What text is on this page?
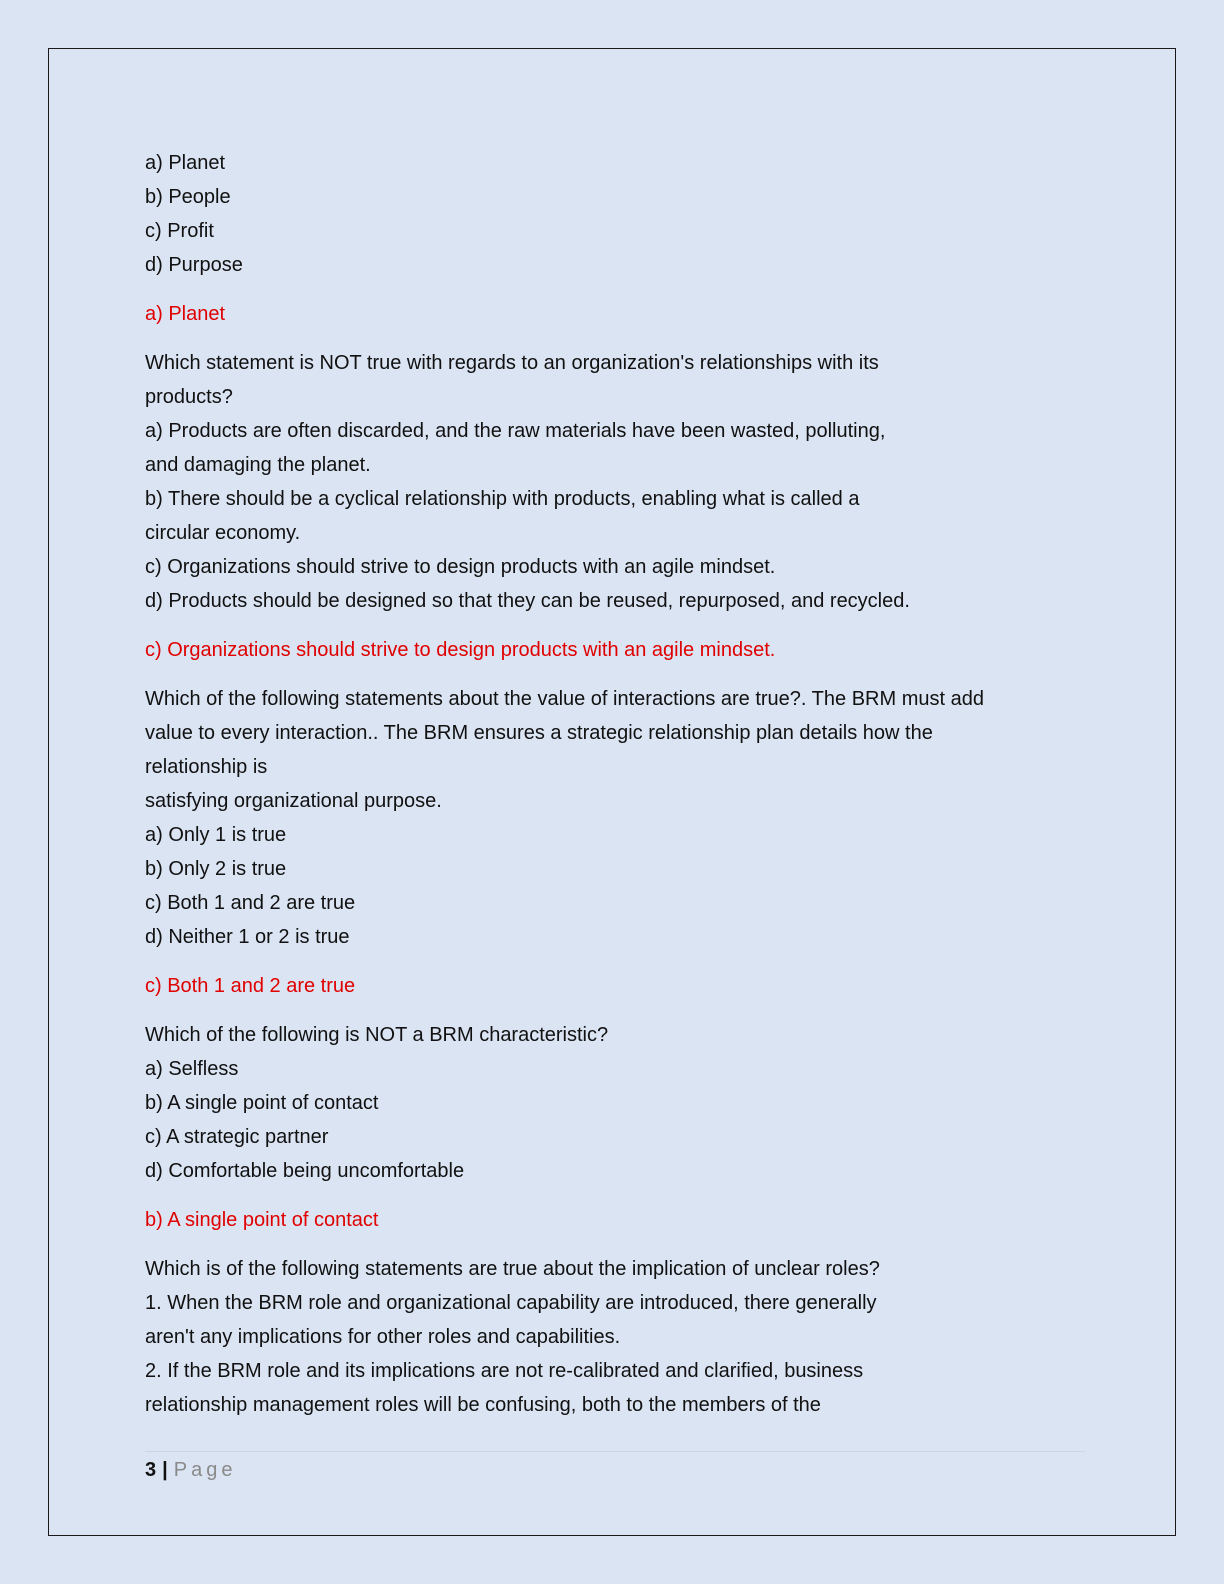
a) Planet
b) People
c) Profit
d) Purpose
a) Planet
Which statement is NOT true with regards to an organization's relationships with its
products?
a) Products are often discarded, and the raw materials have been wasted, polluting,
and damaging the planet.
b) There should be a cyclical relationship with products, enabling what is called a
circular economy.
c) Organizations should strive to design products with an agile mindset.
d) Products should be designed so that they can be reused, repurposed, and recycled.
c) Organizations should strive to design products with an agile mindset.
Which of the following statements about the value of interactions are true?. The BRM must add
value to every interaction.. The BRM ensures a strategic relationship plan details how the
relationship is
satisfying organizational purpose.
a) Only 1 is true
b) Only 2 is true
c) Both 1 and 2 are true
d) Neither 1 or 2 is true
c) Both 1 and 2 are true
Which of the following is NOT a BRM characteristic?
a) Selfless
b) A single point of contact
c) A strategic partner
d) Comfortable being uncomfortable
b) A single point of contact
Which is of the following statements are true about the implication of unclear roles?
1. When the BRM role and organizational capability are introduced, there generally
aren't any implications for other roles and capabilities.
2. If the BRM role and its implications are not re-calibrated and clarified, business
relationship management roles will be confusing, both to the members of the
3 | Page
